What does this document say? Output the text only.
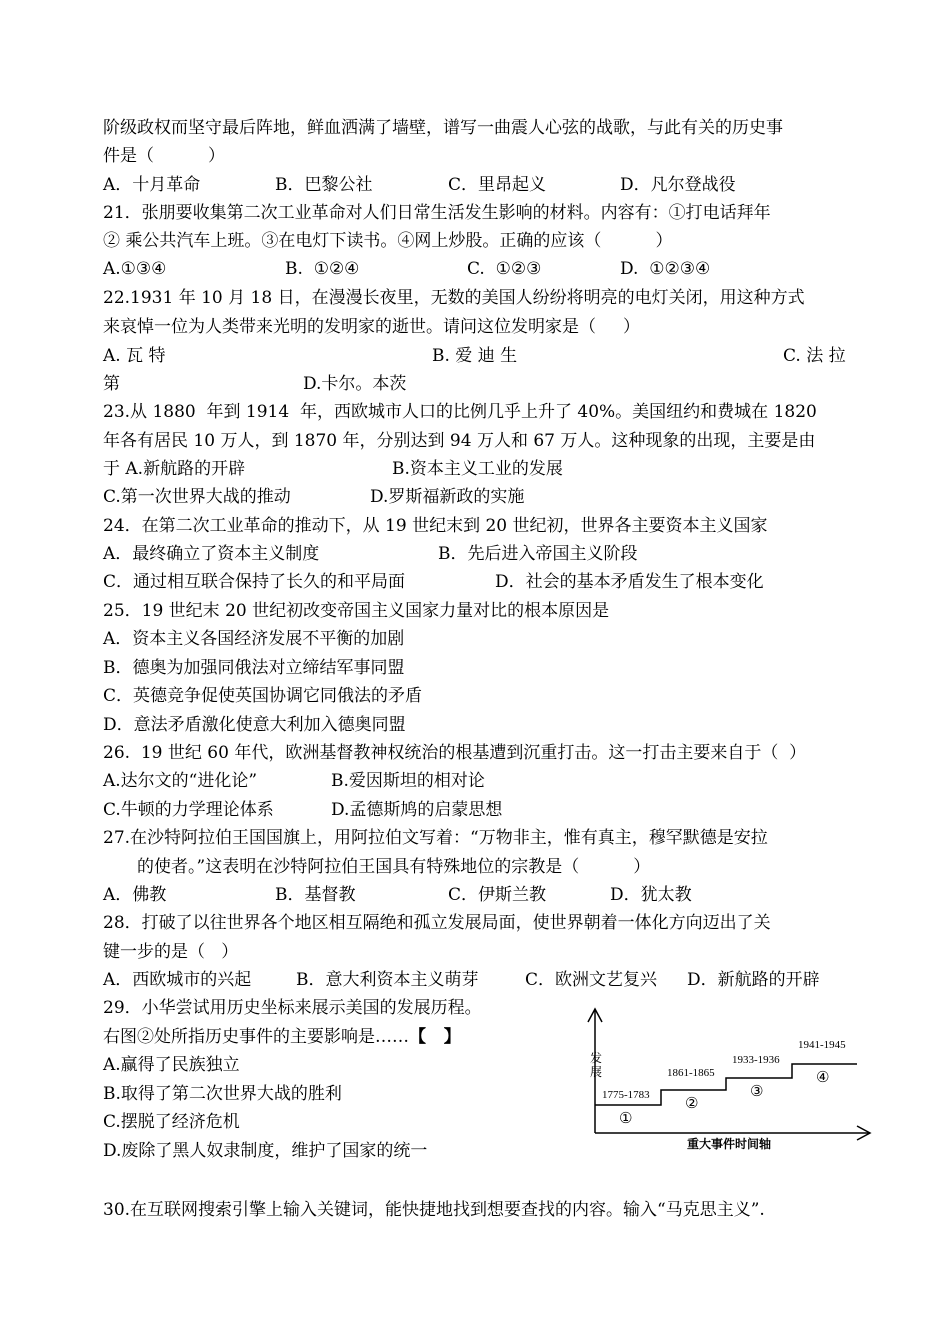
阶级政权而坚守最后阵地，鲜血洒满了墙壁，谱写一曲震人心弦的战歌，与此有关的历史事
件是（          ）
A．十月革命	B．巴黎公社	C．里昂起义	D．凡尔登战役
21．张朋要收集第二次工业革命对人们日常生活发生影响的材料。内容有：①打电话拜年
② 乘公共汽车上班。③在电灯下读书。④网上炒股。正确的应该（          ）
A.①③④	B.  ①②④	C.  ①②③	D.  ①②③④
22.1931 年 10 月 18 日，在漫漫长夜里，无数的美国人纷纷将明亮的电灯关闭，用这种方式
来哀悼一位为人类带来光明的发明家的逝世。请问这位发明家是（     ）
A. 瓦 特	B. 爱 迪 生	C. 法 拉
第	D.卡尔。本茨
23.从 1880  年到 1914  年，西欧城市人口的比例几乎上升了 40%。美国纽约和费城在 1820
年各有居民 10 万人，到 1870 年，分别达到 94 万人和 67 万人。这种现象的出现，主要是由
于 A.新航路的开辟	B.资本主义工业的发展
C.第一次世界大战的推动	D.罗斯福新政的实施
24．在第二次工业革命的推动下，从 19 世纪末到 20 世纪初，世界各主要资本主义国家
A．最终确立了资本主义制度	B．先后进入帝国主义阶段
C．通过相互联合保持了长久的和平局面	D．社会的基本矛盾发生了根本变化
25．19 世纪末 20 世纪初改变帝国主义国家力量对比的根本原因是
A．资本主义各国经济发展不平衡的加剧
B．德奥为加强同俄法对立缔结军事同盟
C．英德竞争促使英国协调它同俄法的矛盾
D．意法矛盾激化使意大利加入德奥同盟
26.  19 世纪 60 年代，欧洲基督教神权统治的根基遭到沉重打击。这一打击主要来自于（  ）
A.达尔文的“进化论”	B.爱因斯坦的相对论
C.牛顿的力学理论体系	D.孟德斯鸠的启蒙思想
27.在沙特阿拉伯王国国旗上，用阿拉伯文写着：“万物非主，惟有真主，穆罕默德是安拉
的使者。”这表明在沙特阿拉伯王国具有特殊地位的宗教是（          ）
A．佛教	B．基督教	C．伊斯兰教	D．犹太教
28．打破了以往世界各个地区相互隔绝和孤立发展局面，使世界朝着一体化方向迈出了关
键一步的是（   ）
A．西欧城市的兴起	B．意大利资本主义萌芽	C．欧洲文艺复兴 D．新航路的开辟
29．小华尝试用历史坐标来展示美国的发展历程。
右图②处所指历史事件的主要影响是……【   】
A.赢得了民族独立
B.取得了第二次世界大战的胜利
C.摆脱了经济危机
D.废除了黑人奴隶制度，维护了国家的统一
1775-1783
1861-1865
1933-1936
1941-1945
①
②
③
④
重大事件时间轴
发
展
30.在互联网搜索引擎上输入关键词，能快捷地找到想要查找的内容。输入“马克思主义”.
